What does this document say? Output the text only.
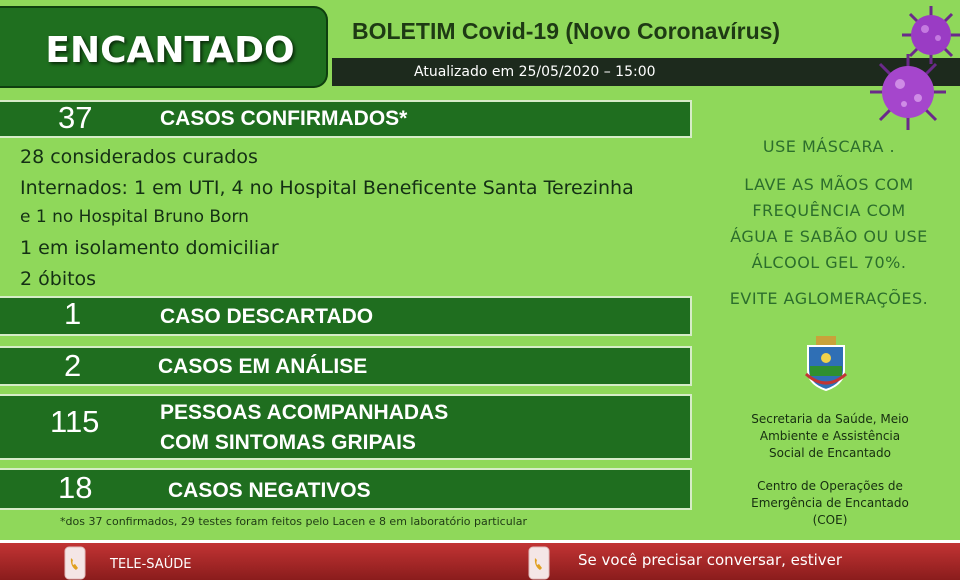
ENCANTADO	BOLETIM Covid-19 (Novo Coronavírus)
Atualizado em 25/05/2020 – 15:00
37	CASOS CONFIRMADOS*
28 considerados curados
Internados: 1 em UTI, 4 no Hospital Beneficente Santa Terezinha
e 1 no Hospital Bruno Born
1 em isolamento domiciliar
2 óbitos
1	CASO DESCARTADO
2	CASOS EM ANÁLISE
115	PESSOAS ACOMPANHADAS
COM SINTOMAS GRIPAIS
18	CASOS NEGATIVOS
*dos 37 confirmados, 29 testes foram feitos pelo Lacen e 8 em laboratório particular
USE MÁSCARA .
LAVE AS MÃOS COM
FREQUÊNCIA COM
ÁGUA E SABÃO OU USE
ÁLCOOL GEL 70%.
EVITE AGLOMERAÇÕES.
Secretaria da Saúde, Meio
Ambiente e Assistência
Social de Encantado
Centro de Operações de
Emergência de Encantado
(COE)
TELE-SAÚDE	Se você precisar conversar, estiver
